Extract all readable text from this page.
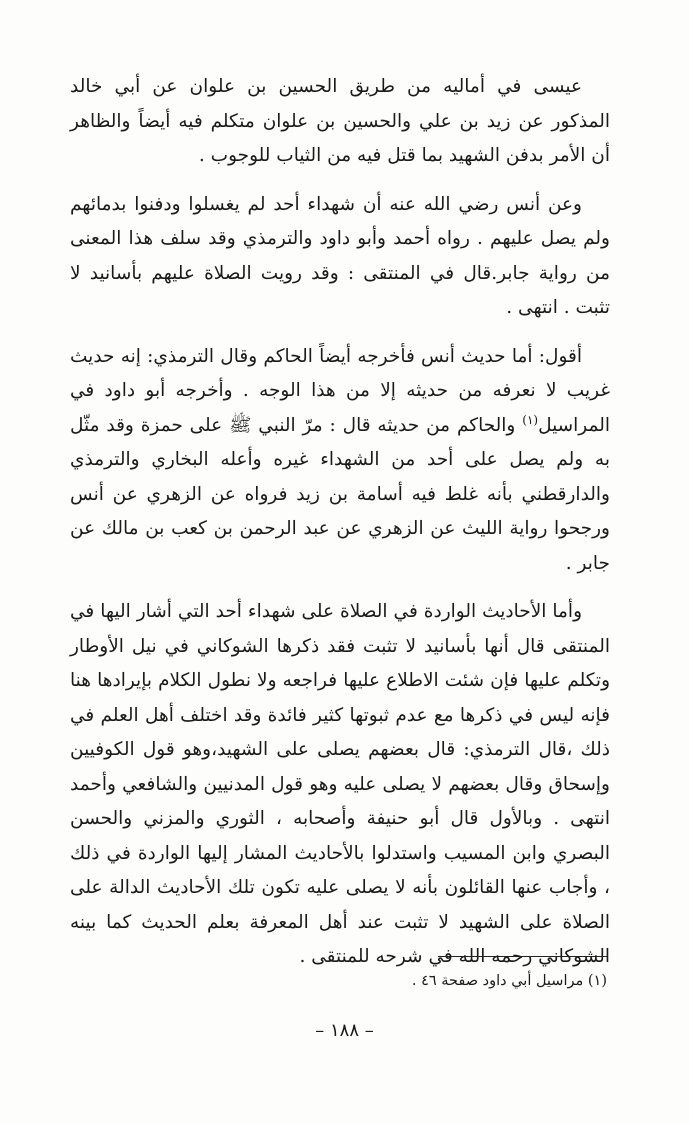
عيسى في أماليه من طريق الحسين بن علوان عن أبي خالد المذكور عن زيد بن علي والحسين بن علوان متكلم فيه أيضاً والظاهر أن الأمر بدفن الشهيد بما قتل فيه من الثياب للوجوب .

وعن أنس رضي الله عنه أن شهداء أحد لم يغسلوا ودفنوا بدمائهم ولم يصل عليهم . رواه أحمد وأبو داود والترمذي وقد سلف هذا المعنى من رواية جابر.قال في المنتقى : وقد رويت الصلاة عليهم بأسانيد لا تثبت . انتهى .

أقول: أما حديث أنس فأخرجه أيضاً الحاكم وقال الترمذي: إنه حديث غريب لا نعرفه من حديثه إلا من هذا الوجه . وأخرجه أبو داود في المراسيل$^{(١)}$ والحاكم من حديثه قال : مرّ النبي ﷺ على حمزة وقد مثّل به ولم يصل على أحد من الشهداء غيره وأعله البخاري والترمذي والدارقطني بأنه غلط فيه أسامة بن زيد فرواه عن الزهري عن أنس ورجحوا رواية الليث عن الزهري عن عبد الرحمن بن كعب بن مالك عن جابر .

وأما الأحاديث الواردة في الصلاة على شهداء أحد التي أشار اليها في المنتقى قال أنها بأسانيد لا تثبت فقد ذكرها الشوكاني في نيل الأوطار وتكلم عليها فإن شئت الاطلاع عليها فراجعه ولا نطول الكلام بإيرادها هنا فإنه ليس في ذكرها مع عدم ثبوتها كثير فائدة وقد اختلف أهل العلم في ذلك ،قال الترمذي: قال بعضهم يصلى على الشهيد،وهو قول الكوفيين وإسحاق وقال بعضهم لا يصلى عليه وهو قول المدنيين والشافعي وأحمد انتهى . وبالأول قال أبو حنيفة وأصحابه ، الثوري والمزني والحسن البصري وابن المسيب واستدلوا بالأحاديث المشار إليها الواردة في ذلك ، وأجاب عنها القائلون بأنه لا يصلى عليه تكون تلك الأحاديث الدالة على الصلاة على الشهيد لا تثبت عند أهل المعرفة بعلم الحديث كما بينه الشوكاني رحمه الله في شرحه للمنتقى .

(١) مراسيل أبي داود صفحة ٤٦ .
– ١٨٨ –
